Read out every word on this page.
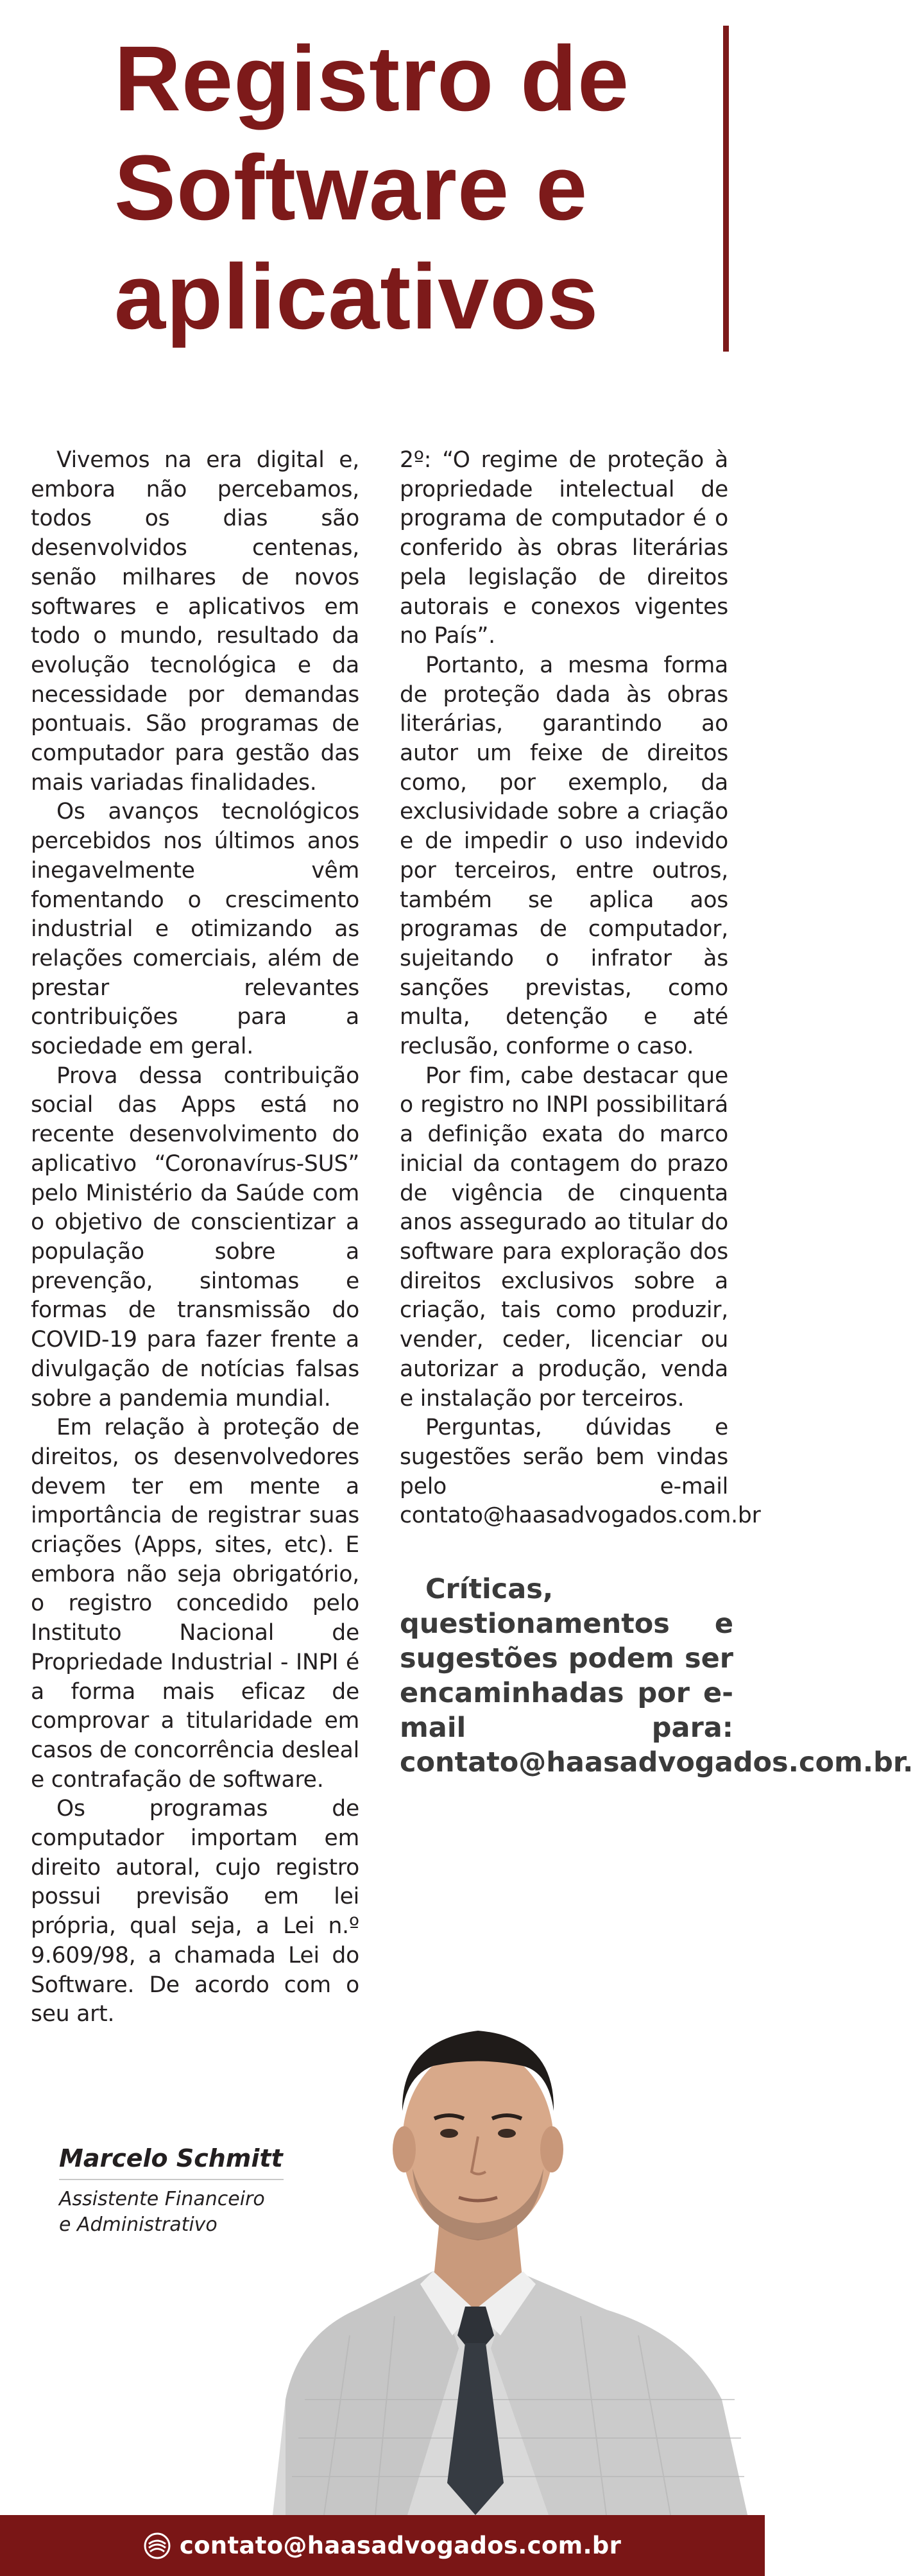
Registro de
Software e
aplicativos

Vivemos na era digital e, embora não percebamos, todos os dias são desenvolvidos centenas, senão milhares de novos softwares e aplicativos em todo o mundo, resultado da evolução tecnológica e da necessidade por demandas pontuais. São programas de computador para gestão das mais variadas finalidades.

Os avanços tecnológicos percebidos nos últimos anos inegavelmente vêm fomentando o crescimento industrial e otimizando as relações comerciais, além de prestar relevantes contribuições para a sociedade em geral.

Prova dessa contribuição social das Apps está no recente desenvolvimento do aplicativo “Coronavírus-SUS” pelo Ministério da Saúde com o objetivo de conscientizar a população sobre a prevenção, sintomas e formas de transmissão do COVID-19 para fazer frente a divulgação de notícias falsas sobre a pandemia mundial.

Em relação à proteção de direitos, os desenvolvedores devem ter em mente a importância de registrar suas criações (Apps, sites, etc). E embora não seja obrigatório, o registro concedido pelo Instituto Nacional de Propriedade Industrial - INPI é a forma mais eficaz de comprovar a titularidade em casos de concorrência desleal e contrafação de software.

Os programas de computador importam em direito autoral, cujo registro possui previsão em lei própria, qual seja, a Lei n.º 9.609/98, a chamada Lei do Software. De acordo com o seu art.

2º: “O regime de proteção à propriedade intelectual de programa de computador é o conferido às obras literárias pela legislação de direitos autorais e conexos vigentes no País”.

Portanto, a mesma forma de proteção dada às obras literárias, garantindo ao autor um feixe de direitos como, por exemplo, da exclusividade sobre a criação e de impedir o uso indevido por terceiros, entre outros, também se aplica aos programas de computador, sujeitando o infrator às sanções previstas, como multa, detenção e até reclusão, conforme o caso.

Por fim, cabe destacar que o registro no INPI possibilitará a definição exata do marco inicial da contagem do prazo de vigência de cinquenta anos assegurado ao titular do software para exploração dos direitos exclusivos sobre a criação, tais como produzir, vender, ceder, licenciar ou autorizar a produção, venda e instalação por terceiros.

Perguntas, dúvidas e sugestões serão bem vindas pelo e-mail contato@haasadvogados.com.br

Críticas, questionamentos e sugestões podem ser encaminhadas por e-mail para: contato@haasadvogados.com.br.

Marcelo Schmitt
Assistente Financeiro
e Administrativo
contato@haasadvogados.com.br
